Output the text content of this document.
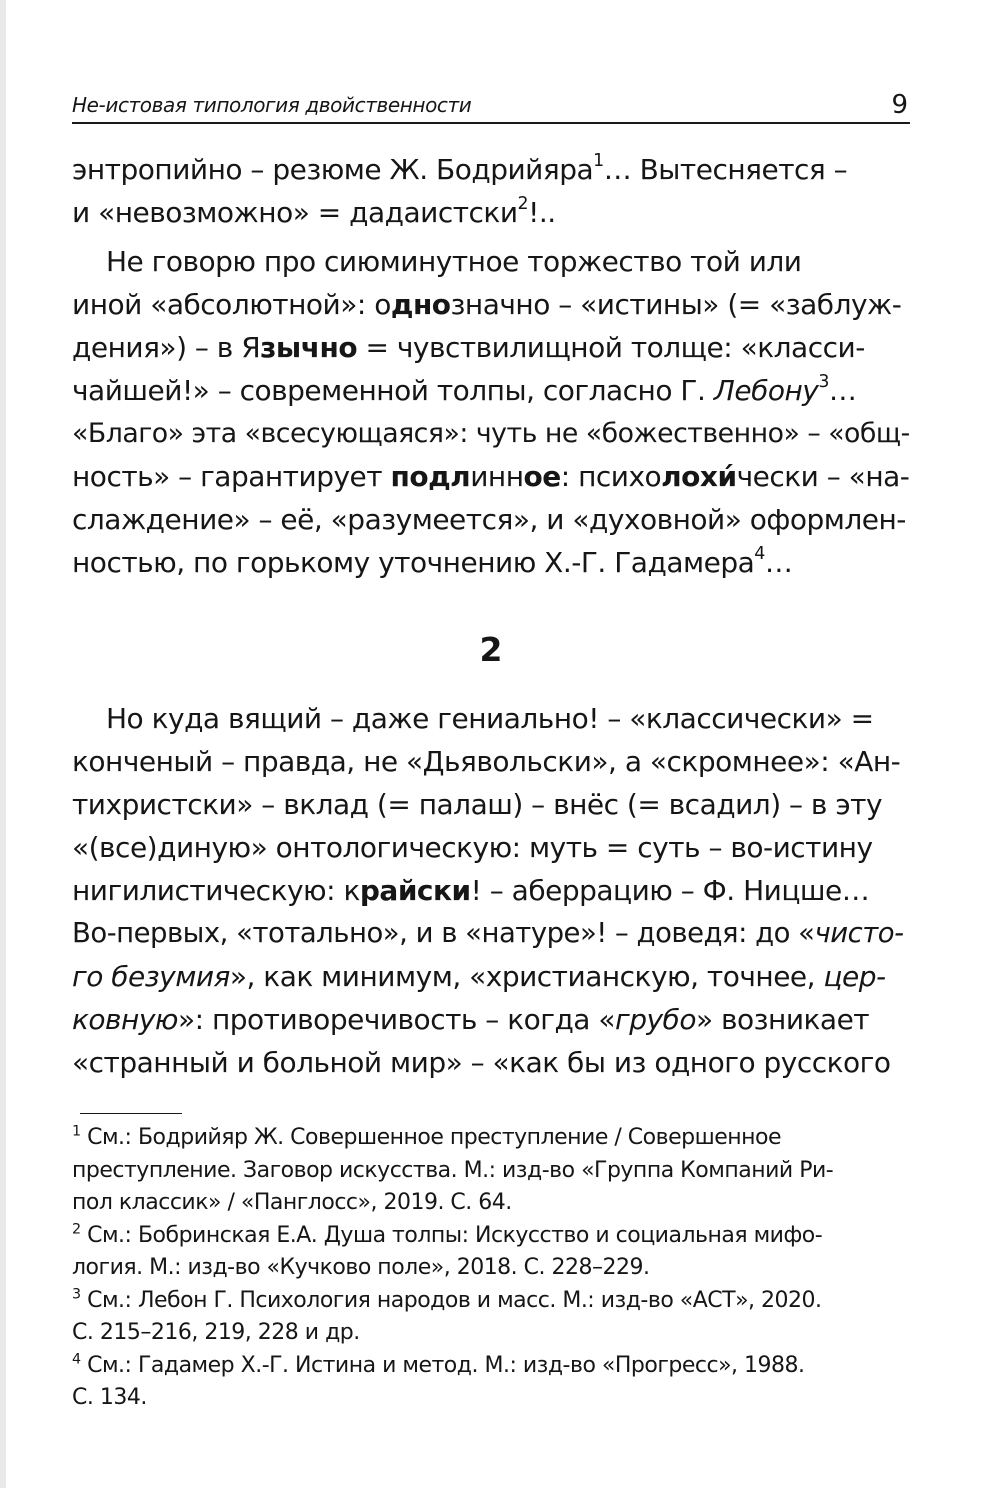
Не-истовая типология двойственности	9
энтропийно – резюме Ж. Бодрийяра$^1$… Вытесняется –
и «невозможно» = дадаистски$^2$!..
Не говорю про сиюминутное торжество той или
иной «абсолютной»: однозначно – «истины» (= «заблуж-
дения») – в Язычно = чувствилищной толще: «класси-
чайшей!» – современной толпы, согласно Г. Лебону$^3$…
«Благо» эта «всесующаяся»: чуть не «божественно» – «общ-
ность» – гарантирует подлинное: психолохи́чески – «на-
слаждение» – её, «разумеется», и «духовной» оформлен-
ностью, по горькому уточнению Х.-Г. Гадамера$^4$…
2
Но куда вящий – даже гениально! – «классически» =
конченый – правда, не «Дьявольски», а «скромнее»: «Ан-
тихристски» – вклад (= палаш) – внёс (= всадил) – в эту
«(все)диную» онтологическую: муть = суть – во-истину
нигилистическую: крайски! – аберрацию – Ф. Ницше…
Во-первых, «тотально», и в «натуре»! – доведя: до «чисто-
го безумия», как минимум, «христианскую, точнее, цер-
ковную»: противоречивость – когда «грубо» возникает
«странный и больной мир» – «как бы из одного русского
$^1$ См.: Бодрийяр Ж. Совершенное преступление / Совершенное
преступление. Заговор искусства. М.: изд-во «Группа Компаний Ри-
пол классик» / «Панглосс», 2019. С. 64.
$^2$ См.: Бобринская Е.А. Душа толпы: Искусство и социальная мифо-
логия. М.: изд-во «Кучково поле», 2018. С. 228–229.
$^3$ См.: Лебон Г. Психология народов и масс. М.: изд-во «АСТ», 2020.
С. 215–216, 219, 228 и др.
$^4$ См.: Гадамер Х.-Г. Истина и метод. М.: изд-во «Прогресс», 1988.
С. 134.
